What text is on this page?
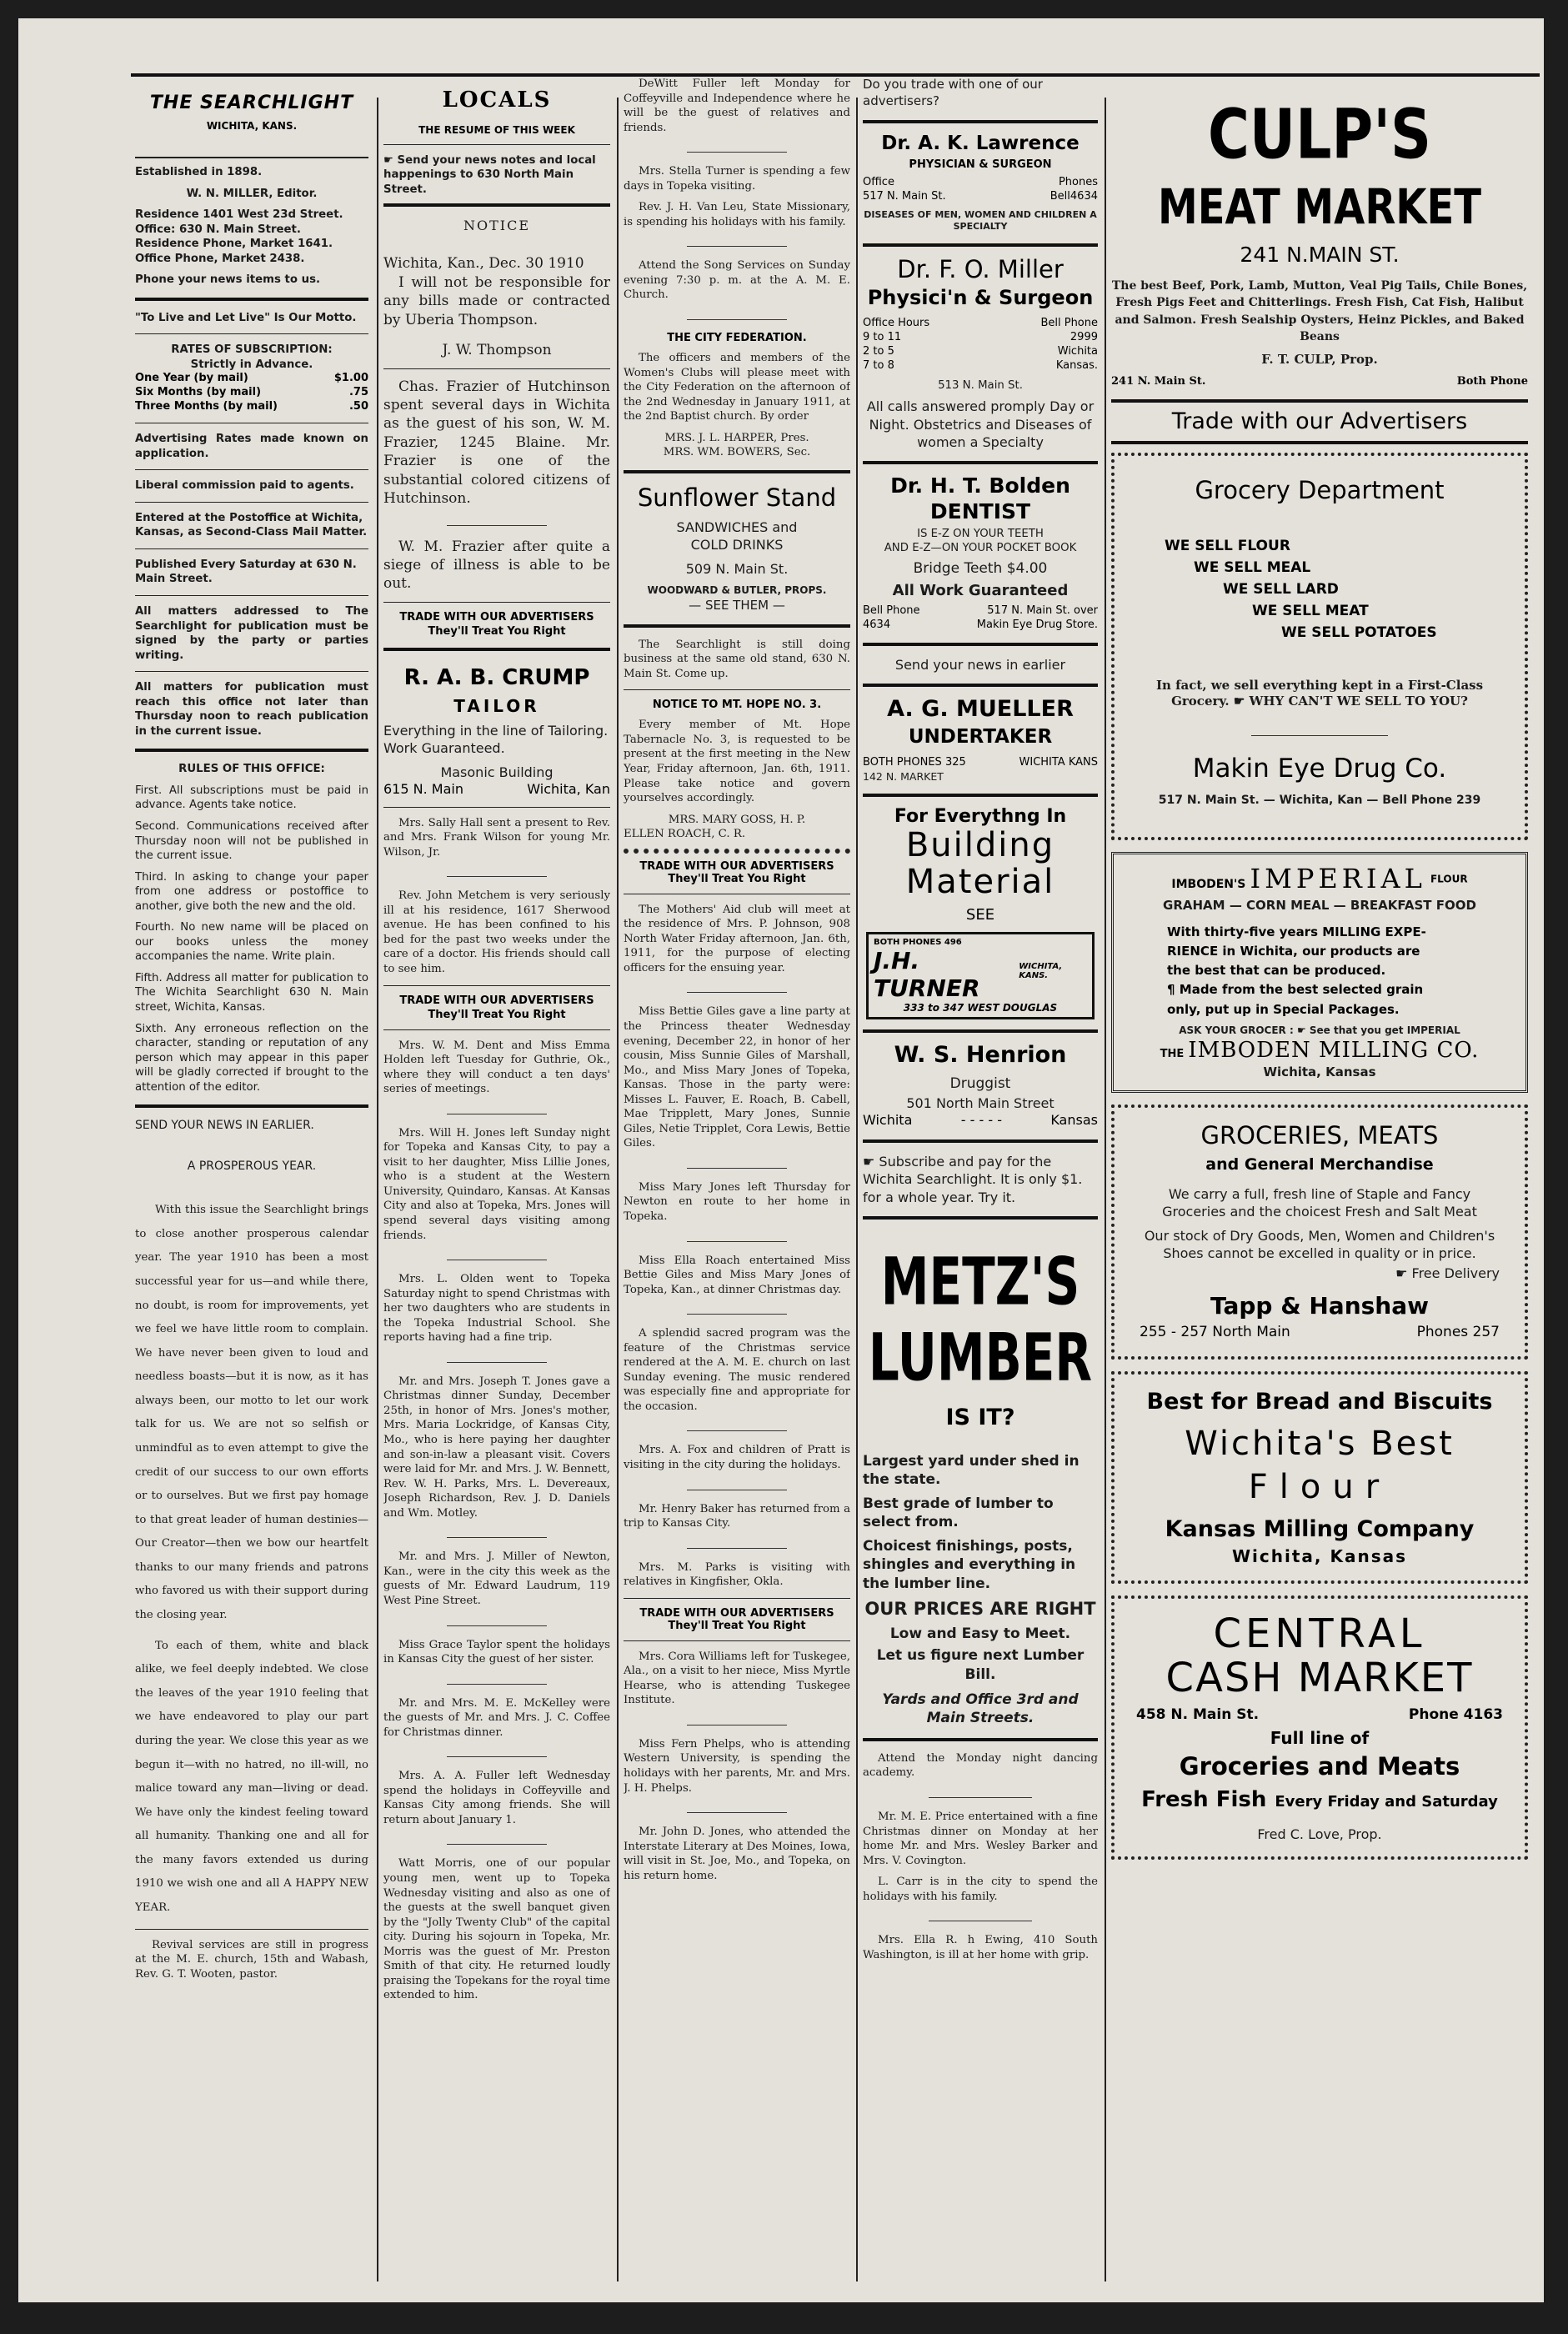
THE SEARCHLIGHT
WICHITA, KANS.

Established in 1898.

W. N. MILLER, Editor.

Residence 1401 West 23d Street.

Office: 630 N. Main Street.

Residence Phone, Market 1641.

Office Phone, Market 2438.

Phone your news items to us.

"To Live and Let Live" Is Our Motto.

RATES OF SUBSCRIPTION:

Strictly in Advance.

One Year (by mail)	$1.00
Six Months (by mail)	.75
Three Months (by mail)	.50

Advertising Rates made known on application.

Liberal commission paid to agents.

Entered at the Postoffice at Wichita, Kansas, as Second-Class Mail Matter.

Published Every Saturday at 630 N. Main Street.

All matters addressed to The Searchlight for publication must be signed by the party or parties writing.

All matters for publication must reach this office not later than Thursday noon to reach publication in the current issue.

RULES OF THIS OFFICE:

First. All subscriptions must be paid in advance. Agents take notice.

Second. Communications received after Thursday noon will not be published in the current issue.

Third. In asking to change your paper from one address or postoffice to another, give both the new and the old.

Fourth. No new name will be placed on our books unless the money accompanies the name. Write plain.

Fifth. Address all matter for publication to The Wichita Searchlight 630 N. Main street, Wichita, Kansas.

Sixth. Any erroneous reflection on the character, standing or reputation of any person which may appear in this paper will be gladly corrected if brought to the attention of the editor.

SEND YOUR NEWS IN EARLIER.

A PROSPEROUS YEAR.

With this issue the Searchlight brings to close another prosperous calendar year. The year 1910 has been a most successful year for us—and while there, no doubt, is room for improvements, yet we feel we have little room to complain. We have never been given to loud and needless boasts—but it is now, as it has always been, our motto to let our work talk for us. We are not so selfish or unmindful as to even attempt to give the credit of our success to our own efforts or to ourselves. But we first pay homage to that great leader of human destinies—Our Creator—then we bow our heartfelt thanks to our many friends and patrons who favored us with their support during the closing year.

To each of them, white and black alike, we feel deeply indebted. We close the leaves of the year 1910 feeling that we have endeavored to play our part during the year. We close this year as we begun it—with no hatred, no ill-will, no malice toward any man—living or dead. We have only the kindest feeling toward all humanity. Thanking one and all for the many favors extended us during 1910 we wish one and all A HAPPY NEW YEAR.

Revival services are still in progress at the M. E. church, 15th and Wabash, Rev. G. T. Wooten, pastor.

LOCALS
THE RESUME OF THIS WEEK

☛ Send your news notes and local happenings to 630 North Main Street.

NOTICE

Wichita, Kan., Dec. 30 1910

I will not be responsible for any bills made or contracted by Uberia Thompson.

J. W. Thompson

Chas. Frazier of Hutchinson spent several days in Wichita as the guest of his son, W. M. Frazier, 1245 Blaine. Mr. Frazier is one of the substantial colored citizens of Hutchinson.

W. M. Frazier after quite a siege of illness is able to be out.

TRADE WITH OUR ADVERTISERS
They'll Treat You Right
R. A. B. CRUMP
TAILOR

Everything in the line of Tailoring. Work Guaranteed.

Masonic Building

615 N. Main	Wichita, Kan

Mrs. Sally Hall sent a present to Rev. and Mrs. Frank Wilson for young Mr. Wilson, Jr.

Rev. John Metchem is very seriously ill at his residence, 1617 Sherwood avenue. He has been confined to his bed for the past two weeks under the care of a doctor. His friends should call to see him.

TRADE WITH OUR ADVERTISERS
They'll Treat You Right

Mrs. W. M. Dent and Miss Emma Holden left Tuesday for Guthrie, Ok., where they will conduct a ten days' series of meetings.

Mrs. Will H. Jones left Sunday night for Topeka and Kansas City, to pay a visit to her daughter, Miss Lillie Jones, who is a student at the Western University, Quindaro, Kansas. At Kansas City and also at Topeka, Mrs. Jones will spend several days visiting among friends.

Mrs. L. Olden went to Topeka Saturday night to spend Christmas with her two daughters who are students in the Topeka Industrial School. She reports having had a fine trip.

Mr. and Mrs. Joseph T. Jones gave a Christmas dinner Sunday, December 25th, in honor of Mrs. Jones's mother, Mrs. Maria Lockridge, of Kansas City, Mo., who is here paying her daughter and son-in-law a pleasant visit. Covers were laid for Mr. and Mrs. J. W. Bennett, Rev. W. H. Parks, Mrs. L. Devereaux, Joseph Richardson, Rev. J. D. Daniels and Wm. Motley.

Mr. and Mrs. J. Miller of Newton, Kan., were in the city this week as the guests of Mr. Edward Laudrum, 119 West Pine Street.

Miss Grace Taylor spent the holidays in Kansas City the guest of her sister.

Mr. and Mrs. M. E. McKelley were the guests of Mr. and Mrs. J. C. Coffee for Christmas dinner.

Mrs. A. A. Fuller left Wednesday spend the holidays in Coffeyville and Kansas City among friends. She will return about January 1.

Watt Morris, one of our popular young men, went up to Topeka Wednesday visiting and also as one of the guests at the swell banquet given by the "Jolly Twenty Club" of the capital city. During his sojourn in Topeka, Mr. Morris was the guest of Mr. Preston Smith of that city. He returned loudly praising the Topekans for the royal time extended to him.

DeWitt Fuller left Monday for Coffeyville and Independence where he will be the guest of relatives and friends.

Mrs. Stella Turner is spending a few days in Topeka visiting.

Rev. J. H. Van Leu, State Missionary, is spending his holidays with his family.

Attend the Song Services on Sunday evening 7:30 p. m. at the A. M. E. Church.

THE CITY FEDERATION.

The officers and members of the Women's Clubs will please meet with the City Federation on the afternoon of the 2nd Wednesday in January 1911, at the 2nd Baptist church. By order

MRS. J. L. HARPER, Pres.

MRS. WM. BOWERS, Sec.

Sunflower Stand

SANDWICHES and

COLD DRINKS

509 N. Main St.

WOODWARD & BUTLER, PROPS.

— SEE THEM —

The Searchlight is still doing business at the same old stand, 630 N. Main St. Come up.

NOTICE TO MT. HOPE NO. 3.

Every member of Mt. Hope Tabernacle No. 3, is requested to be present at the first meeting in the New Year, Friday afternoon, Jan. 6th, 1911. Please take notice and govern yourselves accordingly.

MRS. MARY GOSS, H. P.

ELLEN ROACH, C. R.

TRADE WITH OUR ADVERTISERS
They'll Treat You Right

The Mothers' Aid club will meet at the residence of Mrs. P. Johnson, 908 North Water Friday afternoon, Jan. 6th, 1911, for the purpose of electing officers for the ensuing year.

Miss Bettie Giles gave a line party at the Princess theater Wednesday evening, December 22, in honor of her cousin, Miss Sunnie Giles of Marshall, Mo., and Miss Mary Jones of Topeka, Kansas. Those in the party were: Misses L. Fauver, E. Roach, B. Cabell, Mae Tripplett, Mary Jones, Sunnie Giles, Netie Tripplet, Cora Lewis, Bettie Giles.

Miss Mary Jones left Thursday for Newton en route to her home in Topeka.

Miss Ella Roach entertained Miss Bettie Giles and Miss Mary Jones of Topeka, Kan., at dinner Christmas day.

A splendid sacred program was the feature of the Christmas service rendered at the A. M. E. church on last Sunday evening. The music rendered was especially fine and appropriate for the occasion.

Mrs. A. Fox and children of Pratt is visiting in the city during the holidays.

Mr. Henry Baker has returned from a trip to Kansas City.

Mrs. M. Parks is visiting with relatives in Kingfisher, Okla.

TRADE WITH OUR ADVERTISERS
They'll Treat You Right

Mrs. Cora Williams left for Tuskegee, Ala., on a visit to her niece, Miss Myrtle Hearse, who is attending Tuskegee Institute.

Miss Fern Phelps, who is attending Western University, is spending the holidays with her parents, Mr. and Mrs. J. H. Phelps.

Mr. John D. Jones, who attended the Interstate Literary at Des Moines, Iowa, will visit in St. Joe, Mo., and Topeka, on his return home.

Do you trade with one of our advertisers?

Dr. A. K. Lawrence
PHYSICIAN & SURGEON
Office	Phones
517 N. Main St.	Bell4634

DISEASES OF MEN, WOMEN AND CHILDREN A SPECIALTY

Dr. F. O. Miller
Physici'n & Surgeon
Office Hours	Bell Phone
9 to 11	2999
2 to 5	Wichita
7 to 8	Kansas.

513 N. Main St.

All calls answered promply Day or Night. Obstetrics and Diseases of women a Specialty

Dr. H. T. Bolden
DENTIST

IS E-Z ON YOUR TEETH

AND E-Z—ON YOUR POCKET BOOK

Bridge Teeth $4.00

All Work Guaranteed

Bell Phone	517 N. Main St. over
4634	Makin Eye Drug Store.

Send your news in earlier

A. G. MUELLER
UNDERTAKER
BOTH PHONES 325	WICHITA KANS

142 N. MARKET

For Everythng In
Building
Material
SEE
BOTH PHONES 496
J.H. TURNER
WICHITA, KANS.
333 to 347 WEST DOUGLAS
W. S. Henrion

Druggist

501 North Main Street

Wichita	- - - - -	Kansas

☛ Subscribe and pay for the Wichita Searchlight. It is only $1. for a whole year. Try it.

METZ'S
LUMBER
IS IT?

Largest yard under shed in the state.

Best grade of lumber to select from.

Choicest finishings, posts, shingles and everything in the lumber line.

OUR PRICES ARE RIGHT

Low and Easy to Meet.

Let us figure next Lumber Bill.

Yards and Office 3rd and Main Streets.

Attend the Monday night dancing academy.

Mr. M. E. Price entertained with a fine Christmas dinner on Monday at her home Mr. and Mrs. Wesley Barker and Mrs. V. Covington.

L. Carr is in the city to spend the holidays with his family.

Mrs. Ella R. h Ewing, 410 South Washington, is ill at her home with grip.

CULP'S
MEAT MARKET
241 N.MAIN ST.

The best Beef, Pork, Lamb, Mutton, Veal Pig Tails, Chile Bones, Fresh Pigs Feet and Chitterlings. Fresh Fish, Cat Fish, Halibut and Salmon. Fresh Sealship Oysters, Heinz Pickles, and Baked Beans

F. T. CULP, Prop.

241 N. Main St.	Both Phone
Trade with our Advertisers
Grocery Department
WE SELL FLOUR
WE SELL MEAL
WE SELL LARD
WE SELL MEAT
WE SELL POTATOES

In fact, we sell everything kept in a First-Class Grocery. ☛ WHY CAN'T WE SELL TO YOU?

Makin Eye Drug Co.

517 N. Main St. — Wichita, Kan — Bell Phone 239

IMBODEN'S IMPERIAL $^{FLOUR}$

GRAHAM — CORN MEAL — BREAKFAST FOOD

With thirty-five years MILLING EXPE-
RIENCE in Wichita, our products are
the best that can be produced.
¶ Made from the best selected grain
only, put up in Special Packages.

ASK YOUR GROCER : ☛ See that you get IMPERIAL

THE IMBODEN MILLING CO.

Wichita, Kansas

GROCERIES, MEATS
and General Merchandise

We carry a full, fresh line of Staple and Fancy Groceries and the choicest Fresh and Salt Meat

Our stock of Dry Goods, Men, Women and Children's Shoes cannot be excelled in quality or in price.

☛ Free Delivery

Tapp & Hanshaw
255 - 257 North Main	Phones 257
Best for Bread and Biscuits
Wichita's Best
Flour
Kansas Milling Company
Wichita, Kansas
CENTRAL
CASH MARKET
458 N. Main St.	Phone 4163
Full line of
Groceries and Meats
Fresh Fish Every Friday and Saturday

Fred C. Love, Prop.
